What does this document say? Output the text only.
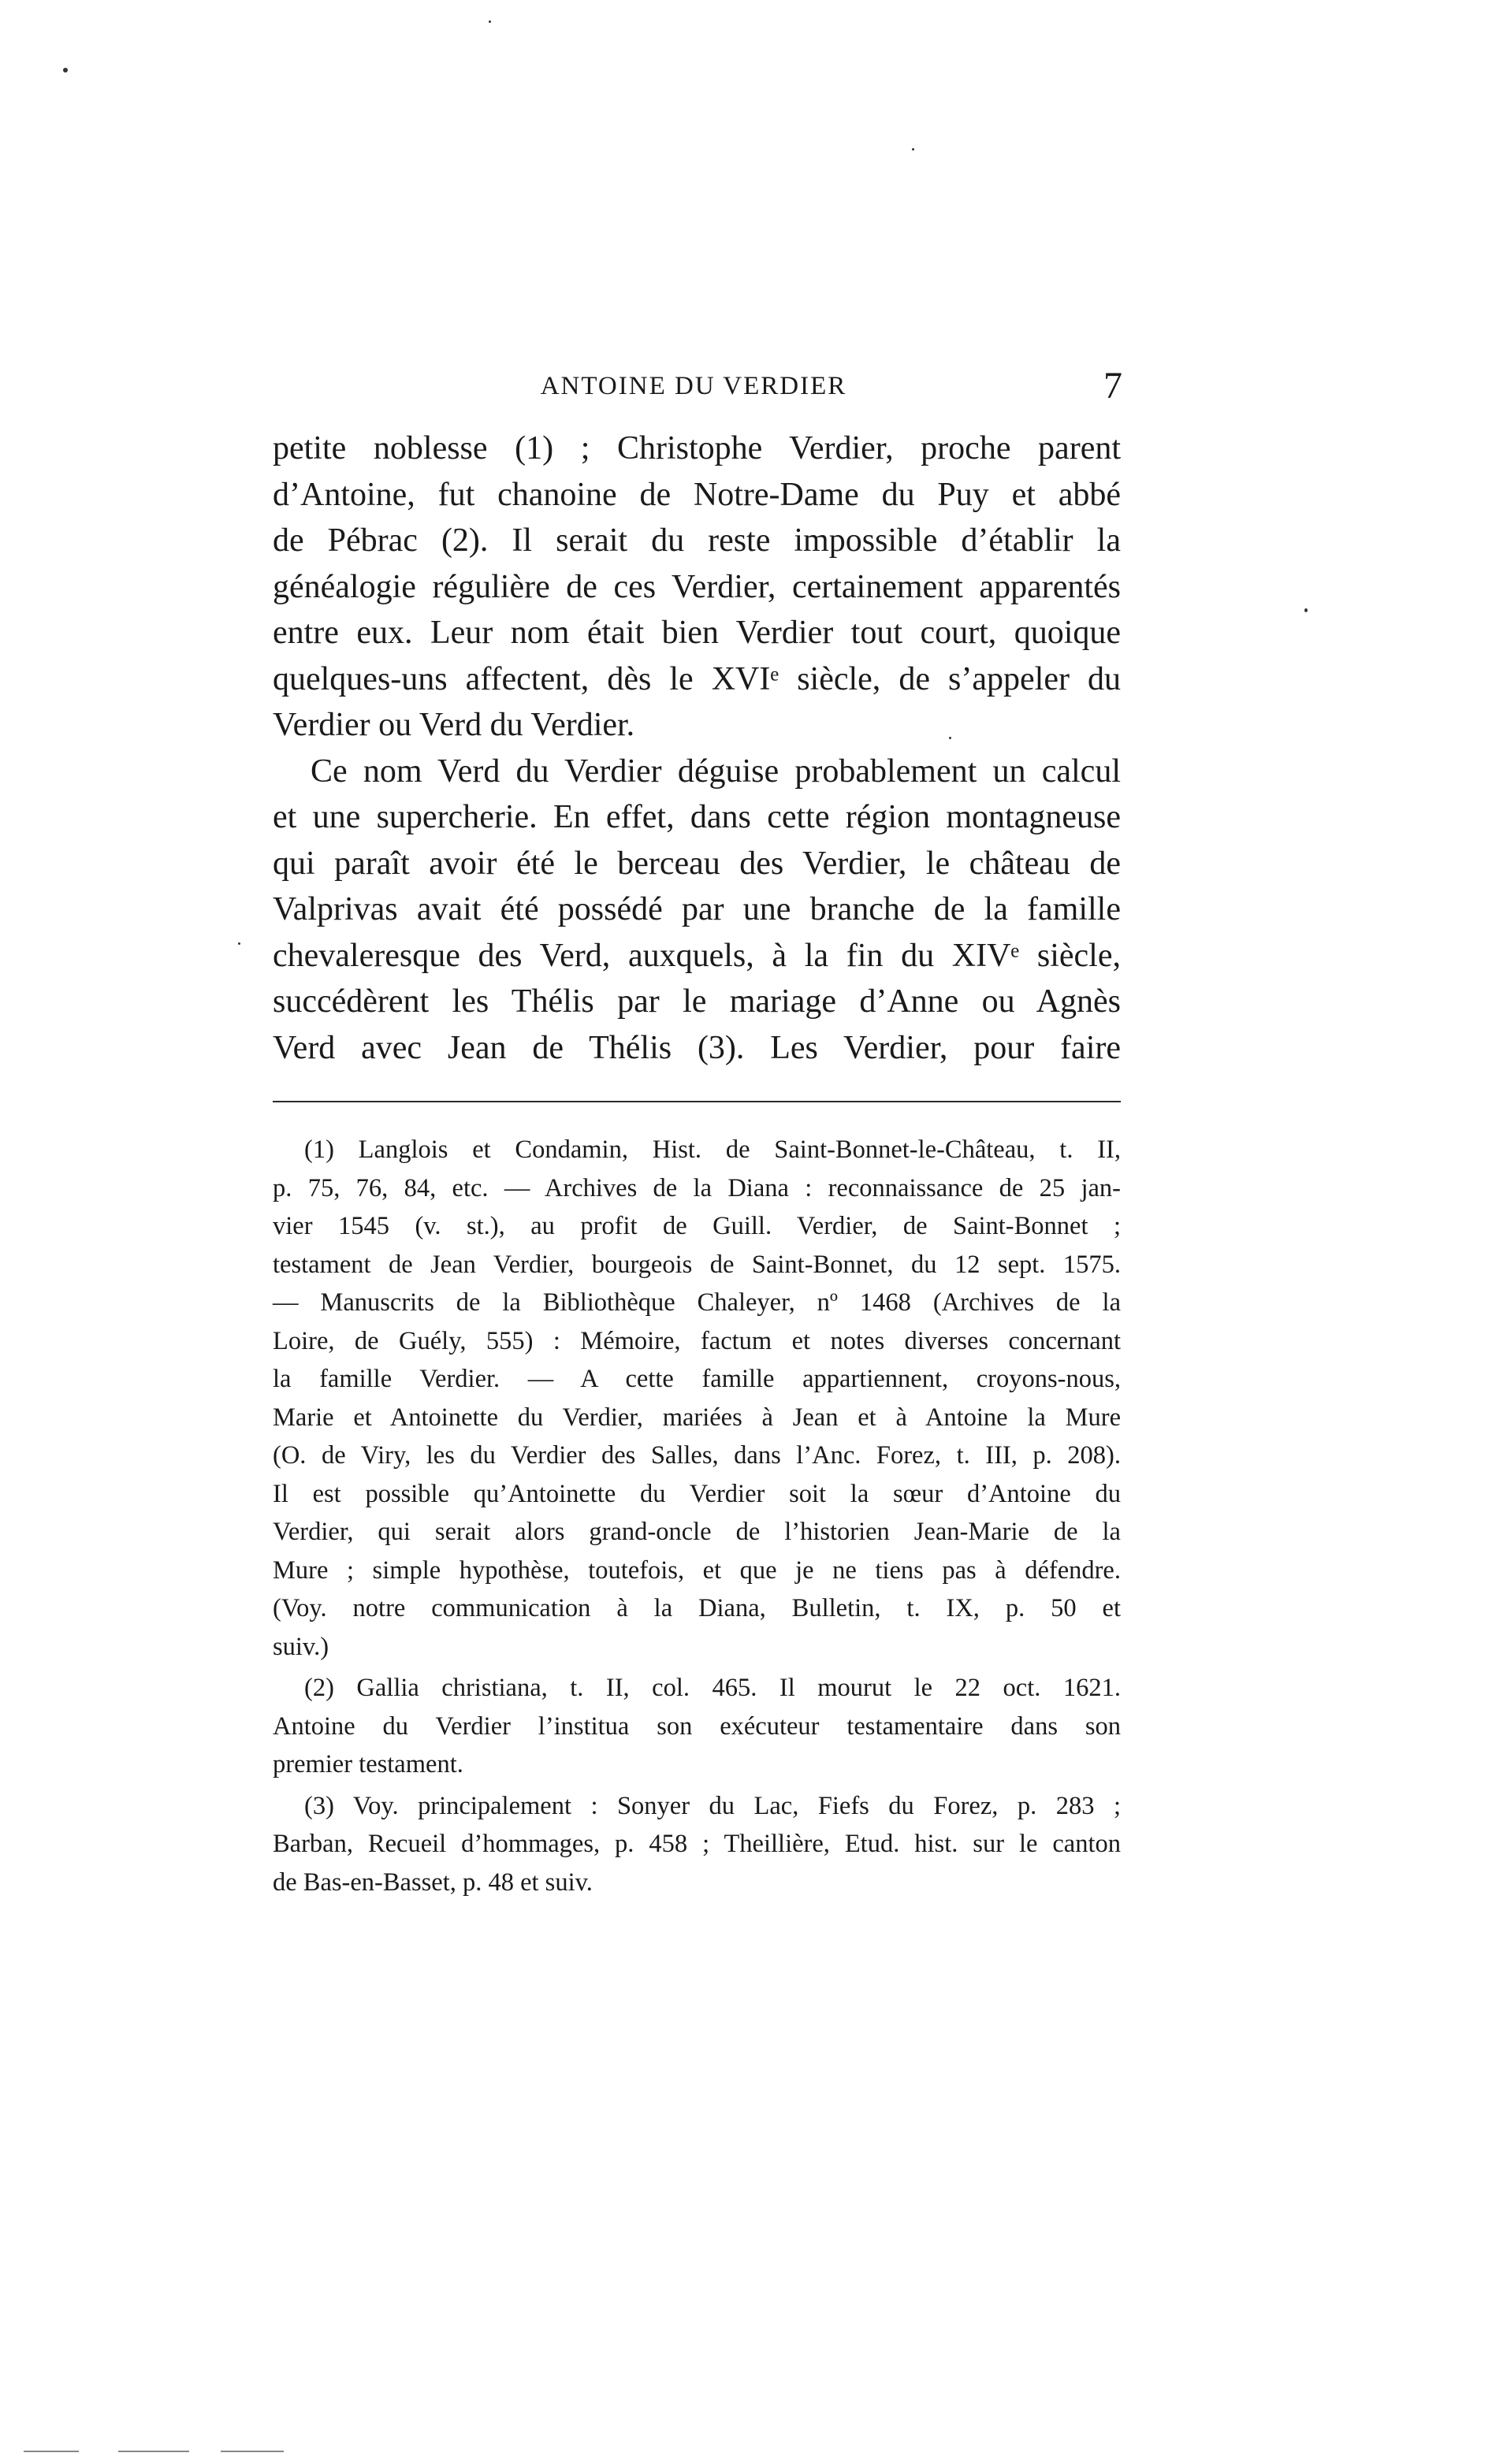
ANTOINE DU VERDIER	7
petite noblesse (1) ; Christophe Verdier, proche parent
d’Antoine, fut chanoine de Notre-Dame du Puy et abbé
de Pébrac (2). Il serait du reste impossible d’établir la
généalogie régulière de ces Verdier, certainement apparentés
entre eux. Leur nom était bien Verdier tout court, quoique
quelques-uns affectent, dès le XVIᵉ siècle, de s’appeler du
Verdier ou Verd du Verdier.
Ce nom Verd du Verdier déguise probablement un calcul
et une supercherie. En effet, dans cette région montagneuse
qui paraît avoir été le berceau des Verdier, le château de
Valprivas avait été possédé par une branche de la famille
chevaleresque des Verd, auxquels, à la fin du XIVᵉ siècle,
succédèrent les Thélis par le mariage d’Anne ou Agnès
Verd avec Jean de Thélis (3). Les Verdier, pour faire
(1) Langlois et Condamin, Hist. de Saint-Bonnet-le-Château, t. II,
p. 75, 76, 84, etc. — Archives de la Diana : reconnaissance de 25 jan-
vier 1545 (v. st.), au profit de Guill. Verdier, de Saint-Bonnet ;
testament de Jean Verdier, bourgeois de Saint-Bonnet, du 12 sept. 1575.
— Manuscrits de la Bibliothèque Chaleyer, nº 1468 (Archives de la
Loire, de Guély, 555) : Mémoire, factum et notes diverses concernant
la famille Verdier. — A cette famille appartiennent, croyons-nous,
Marie et Antoinette du Verdier, mariées à Jean et à Antoine la Mure
(O. de Viry, les du Verdier des Salles, dans l’Anc. Forez, t. III, p. 208).
Il est possible qu’Antoinette du Verdier soit la sœur d’Antoine du
Verdier, qui serait alors grand-oncle de l’historien Jean-Marie de la
Mure ; simple hypothèse, toutefois, et que je ne tiens pas à défendre.
(Voy. notre communication à la Diana, Bulletin, t. IX, p. 50 et
suiv.)
(2) Gallia christiana, t. II, col. 465. Il mourut le 22 oct. 1621.
Antoine du Verdier l’institua son exécuteur testamentaire dans son
premier testament.
(3) Voy. principalement : Sonyer du Lac, Fiefs du Forez, p. 283 ;
Barban, Recueil d’hommages, p. 458 ; Theillière, Etud. hist. sur le canton
de Bas-en-Basset, p. 48 et suiv.
